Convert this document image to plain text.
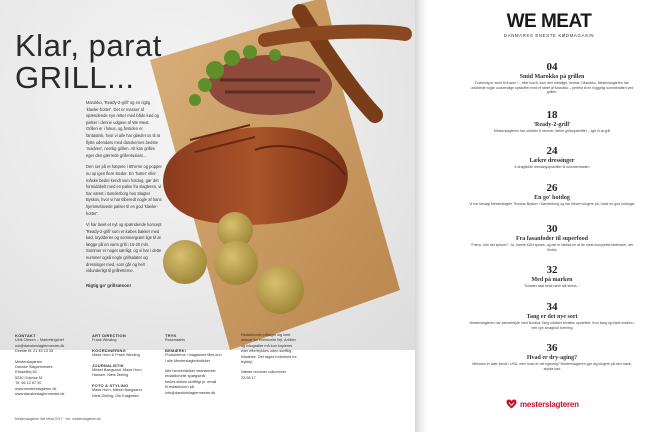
Klar, parat
GRILL...

Marokko, 'Ready-2-grill' og en rigtig 'klavler-hotter'. Der er masser af spændende nye retter med både kød og pølser i denne udgave af We Meat. Grillen er i fokus, og årstiden er fantastisk, hvor vi alle har glædet os til at flytte udendørs med danskernes bedste 'madven', nemlig grillen. Alt kan grilles eger den gærrede grillentusiast...

Den ser på et hæpete i 80'erne og popper nu op igen flere steder. En 'hotter' eller måske bedre kendt som hotdog, gør det formidabelt med en pølse fra slagteren, vi har været i Sønderborg hos Slagter Byskov, hvor vi har tilberedt nogle af hans hjemmelavede pølser til en god 'klavler-hotter'.

Vi har lavet et nyt og spændende koncept 'Ready-2-grill' som er købes bakker med kød, krydderier og sommergrønt lige til at lægge på en varm grill i 15-20 min. Sommer er noget særligt, og vi har i dette nummer også nogle grillsalater og dressinger med, som går og helt vidunderligt til grillretterne.

Rigtig go' grillsæson!

KONTAKT
Ulrik Olesen – Marketingchef
uol@danskeslagtermestre.dk
Direkte tlf. 21 45 13 35
Mesterslagteren
Danske Slagtermestre
Rüsselkej 83
5230 Odense M
Tlf. 66 12 87 00
www.mesterslagteren.dk
www.danskeslagtermestre.dk
ART DIRECTION
Frank Winding
KOORDINERING
Mads Hurn & Frank Winding
JOURNALISTIK
Mikkel Baegsand, Mads Hurn
Hansen, Niels Dieling
FOTO & STYLING
Mads Hurn, Mikkel Baegsand,
Niels Dieling, Ole Krageslev
TRYK
Rosendahls
BEMÆRK!
Produkterne i magasinet fåes kun
i alle Mesterslagterbutikker
Alle henvendelser vedrørende
redaktionelle spørgsmål
bedes sikkes skriftligt pr. email
til redaktionen på
info@danskeslagtermestre.dk
Redaktionen påtager sig intet
ansvar for eventuelle fejl. Artikler
og fotografier må kun kopieres
eller eftertrykkes uden skriftlig
tilladelse. Der tages forbehold for
trykfejl.
Næste nummer udkommer
22.08.17
Mesterslagteren We Meat 2017 · Ver. mesterslagteren.dk
WE MEAT
DANMARKS ENESTE KØDMAGASIN
04
Smid Marokko på grillen
Drømmig er smid til trusen i – eller tuscit, som den rektalige, bedste i Marokko. Mesterslagteren har udviklede nogle uudvendige opskrifter med et stræf af Marokko – perfekt til en hyggelig sommeraften ved grillen.
18
'Ready-2-grill'
Mesterslagteren har udviklet 6 nemme, lækre grilloopskrifter – lige til at grill
24
Lækre dressinger
6 dragtfulde dressingopskrifter til sommermaden
26
En go' hotdog
Vi har besøgt Mesterslagter Thomas Byskov i Sønderborg og har bleven klogere på, hvad en god hotdoger
30
Fra fasanfoder til superfood
'Frieno, kan det spises?'. Ja, hamfa KAN spises, og det er faktisk en af de mest komplekte fødevarer, der findes
32
Med på marken
'Tomater skal helst have lidt stress...'
34
Tang er det nye sort
Mesterslagteren har samarbejde med Nordisk Tang udviklet kreative opskrifter, hvor tang og bade madles i helt nye smagfuld forening
36
Hvad er dry-aging?
Metoden er især kendt i USA, men hvad er det egentlig? Mesterslagteren gør dig klogere på den mørk-stykke kød
mesterslagteren
